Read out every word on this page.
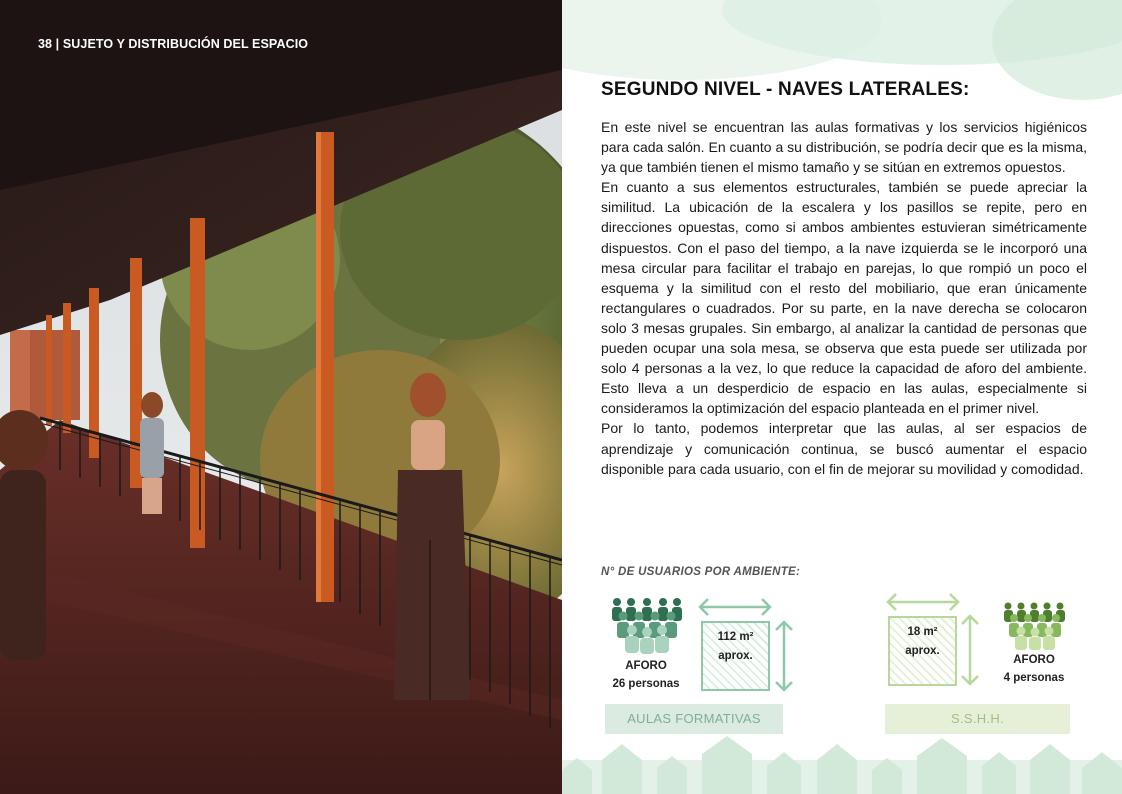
38 | SUJETO Y DISTRIBUCIÓN DEL ESPACIO
SEGUNDO NIVEL - NAVES LATERALES:

En este nivel se encuentran las aulas formativas y los servicios higiénicos para cada salón. En cuanto a su distribución, se podría decir que es la misma, ya que también tienen el mismo tamaño y se sitúan en extremos opuestos.

En cuanto a sus elementos estructurales, también se puede apreciar la similitud. La ubicación de la escalera y los pasillos se repite, pero en direcciones opuestas, como si ambos ambientes estuvieran simétricamente dispuestos. Con el paso del tiempo, a la nave izquierda se le incorporó una mesa circular para facilitar el trabajo en parejas, lo que rompió un poco el esquema y la similitud con el resto del mobiliario, que eran únicamente rectangulares o cuadrados. Por su parte, en la nave derecha se colocaron solo 3 mesas grupales. Sin embargo, al analizar la cantidad de personas que pueden ocupar una sola mesa, se observa que esta puede ser utilizada por solo 4 personas a la vez, lo que reduce la capacidad de aforo del ambiente. Esto lleva a un desperdicio de espacio en las aulas, especialmente si consideramos la optimización del espacio planteada en el primer nivel.

Por lo tanto, podemos interpretar que las aulas, al ser espacios de aprendizaje y comunicación continua, se buscó aumentar el espacio disponible para cada usuario, con el fin de mejorar su movilidad y comodidad.

N° DE USUARIOS POR AMBIENTE:
AFORO
26 personas
112 m²
aprox.
AULAS FORMATIVAS
18 m²
aprox.
AFORO
4 personas
S.S.H.H.
